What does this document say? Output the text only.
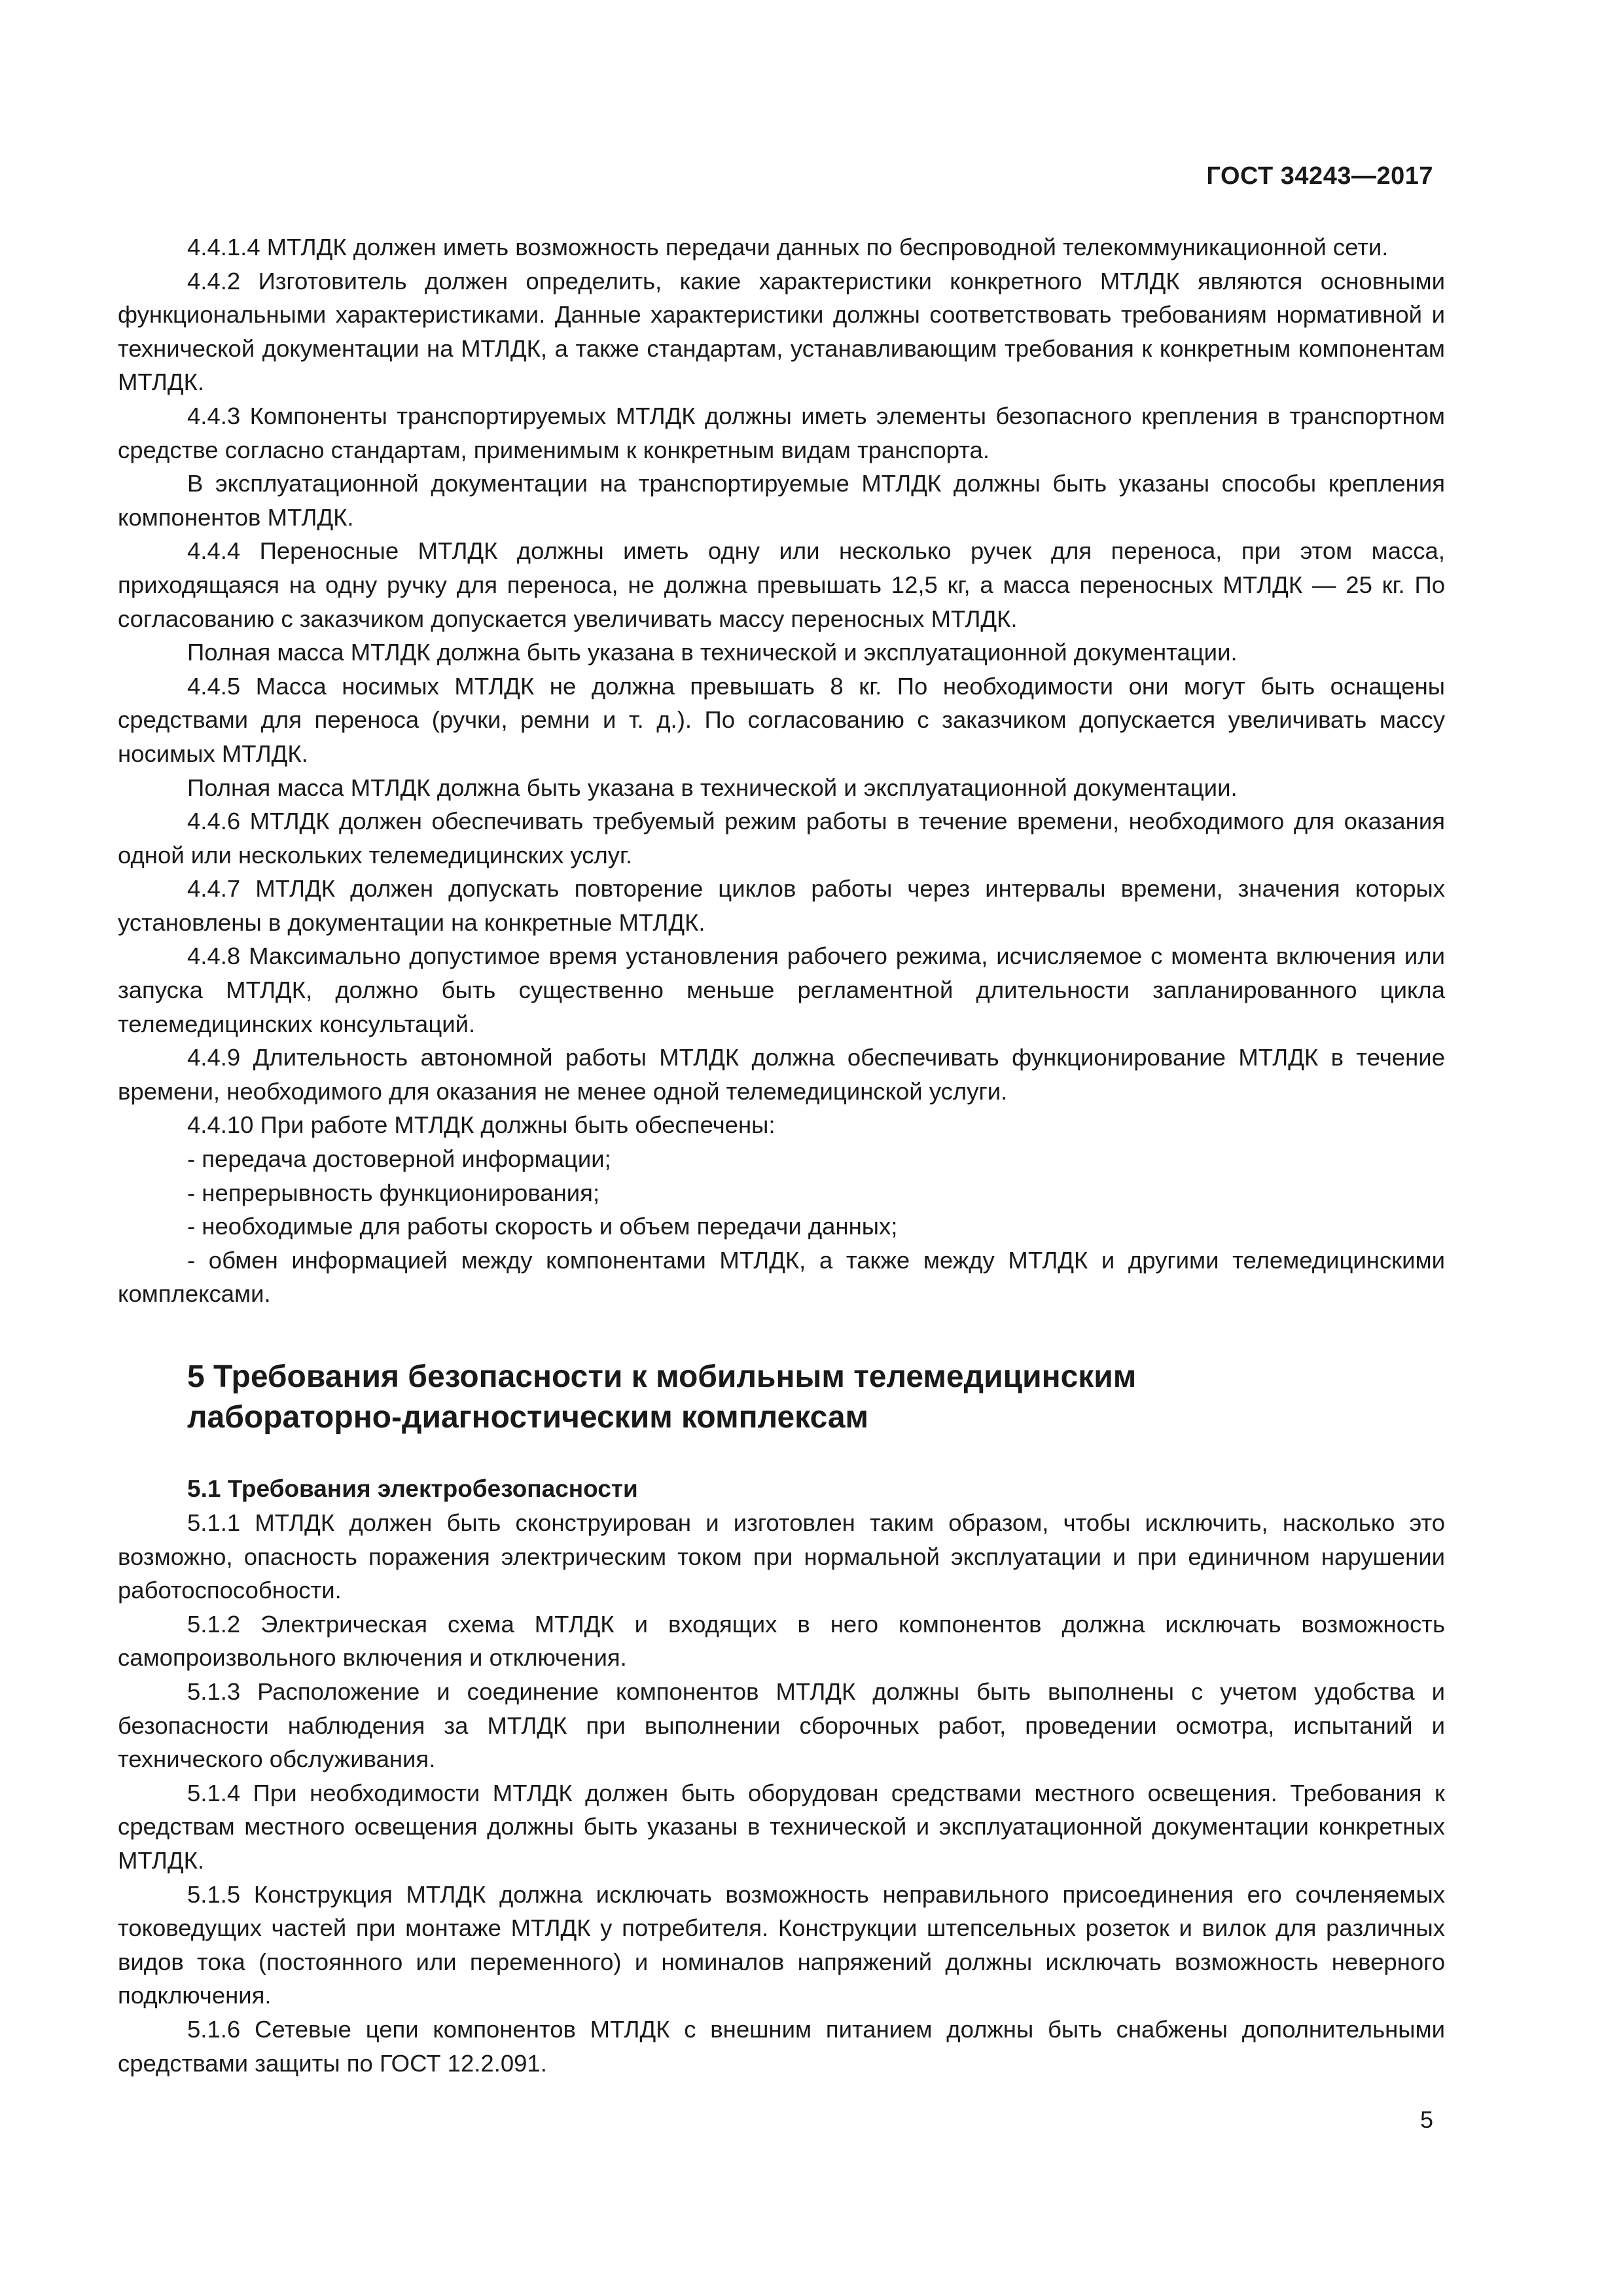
ГОСТ 34243—2017

4.4.1.4 МТЛДК должен иметь возможность передачи данных по беспроводной телекоммуникационной сети.

4.4.2 Изготовитель должен определить, какие характеристики конкретного МТЛДК являются основными функциональными характеристиками. Данные характеристики должны соответствовать требованиям нормативной и технической документации на МТЛДК, а также стандартам, устанавливающим требования к конкретным компонентам МТЛДК.

4.4.3 Компоненты транспортируемых МТЛДК должны иметь элементы безопасного крепления в транспортном средстве согласно стандартам, применимым к конкретным видам транспорта.

В эксплуатационной документации на транспортируемые МТЛДК должны быть указаны способы крепления компонентов МТЛДК.

4.4.4 Переносные МТЛДК должны иметь одну или несколько ручек для переноса, при этом масса, приходящаяся на одну ручку для переноса, не должна превышать 12,5 кг, а масса переносных МТЛДК — 25 кг. По согласованию с заказчиком допускается увеличивать массу переносных МТЛДК.

Полная масса МТЛДК должна быть указана в технической и эксплуатационной документации.

4.4.5 Масса носимых МТЛДК не должна превышать 8 кг. По необходимости они могут быть оснащены средствами для переноса (ручки, ремни и т. д.). По согласованию с заказчиком допускается увеличивать массу носимых МТЛДК.

Полная масса МТЛДК должна быть указана в технической и эксплуатационной документации.

4.4.6 МТЛДК должен обеспечивать требуемый режим работы в течение времени, необходимого для оказания одной или нескольких телемедицинских услуг.

4.4.7 МТЛДК должен допускать повторение циклов работы через интервалы времени, значения которых установлены в документации на конкретные МТЛДК.

4.4.8 Максимально допустимое время установления рабочего режима, исчисляемое с момента включения или запуска МТЛДК, должно быть существенно меньше регламентной длительности запланированного цикла телемедицинских консультаций.

4.4.9 Длительность автономной работы МТЛДК должна обеспечивать функционирование МТЛДК в течение времени, необходимого для оказания не менее одной телемедицинской услуги.

4.4.10 При работе МТЛДК должны быть обеспечены:

- передача достоверной информации;

- непрерывность функционирования;

- необходимые для работы скорость и объем передачи данных;

- обмен информацией между компонентами МТЛДК, а также между МТЛДК и другими телемедицинскими комплексами.

5 Требования безопасности к мобильным телемедицинским
лабораторно-диагностическим комплексам
5.1 Требования электробезопасности

5.1.1 МТЛДК должен быть сконструирован и изготовлен таким образом, чтобы исключить, насколько это возможно, опасность поражения электрическим током при нормальной эксплуатации и при единичном нарушении работоспособности.

5.1.2 Электрическая схема МТЛДК и входящих в него компонентов должна исключать возможность самопроизвольного включения и отключения.

5.1.3 Расположение и соединение компонентов МТЛДК должны быть выполнены с учетом удобства и безопасности наблюдения за МТЛДК при выполнении сборочных работ, проведении осмотра, испытаний и технического обслуживания.

5.1.4 При необходимости МТЛДК должен быть оборудован средствами местного освещения. Требования к средствам местного освещения должны быть указаны в технической и эксплуатационной документации конкретных МТЛДК.

5.1.5 Конструкция МТЛДК должна исключать возможность неправильного присоединения его сочленяемых токоведущих частей при монтаже МТЛДК у потребителя. Конструкции штепсельных розеток и вилок для различных видов тока (постоянного или переменного) и номиналов напряжений должны исключать возможность неверного подключения.

5.1.6 Сетевые цепи компонентов МТЛДК с внешним питанием должны быть снабжены дополнительными средствами защиты по ГОСТ 12.2.091.

5
